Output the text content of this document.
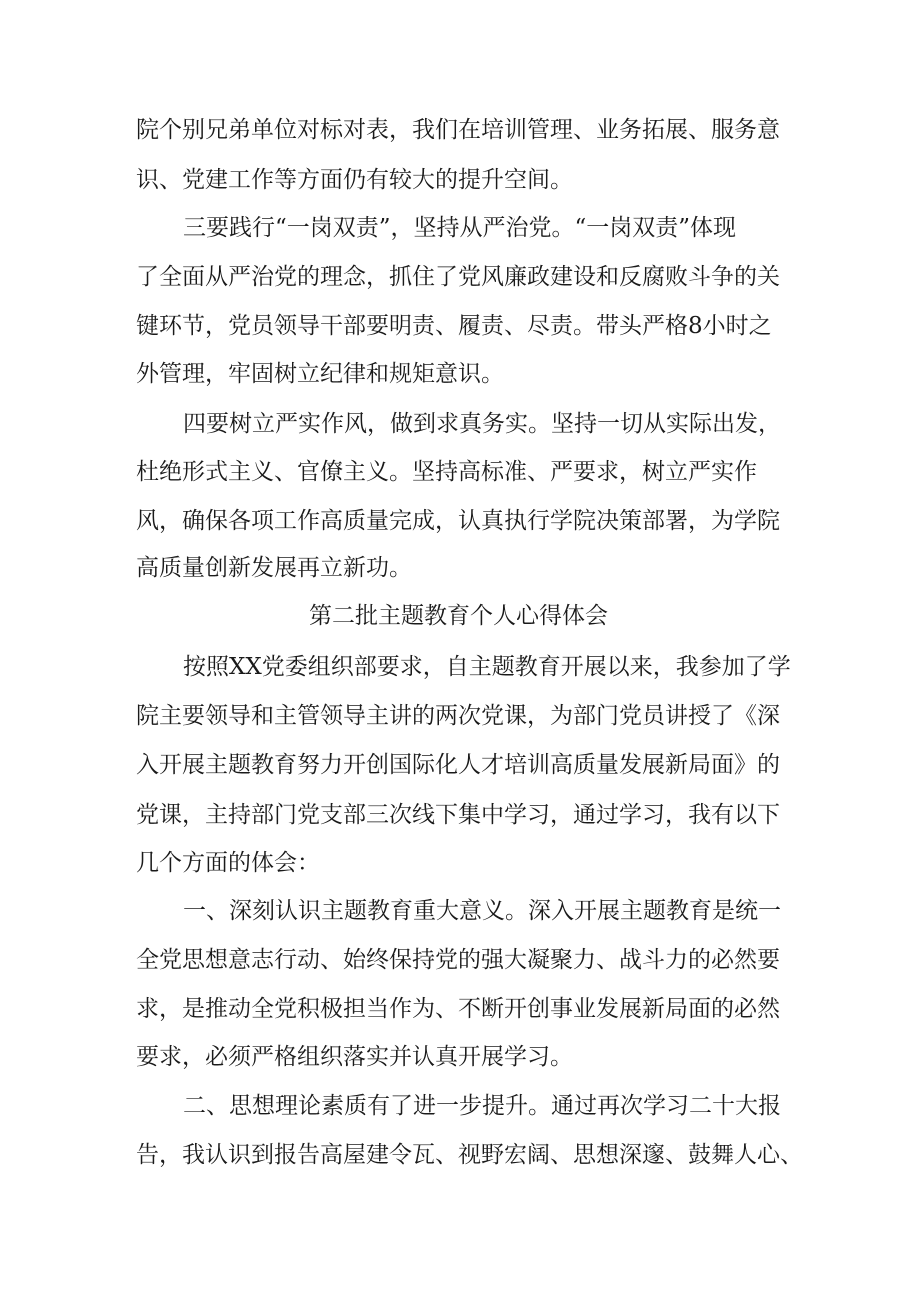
院个别兄弟单位对标对表，我们在培训管理、业务拓展、服务意

识、党建工作等方面仍有较大的提升空间。

三要践行“一岗双责”，坚持从严治党。“一岗双责”体现

了全面从严治党的理念，抓住了党风廉政建设和反腐败斗争的关

键环节，党员领导干部要明责、履责、尽责。带头严格8小时之

外管理，牢固树立纪律和规矩意识。

四要树立严实作风，做到求真务实。坚持一切从实际出发，

杜绝形式主义、官僚主义。坚持高标准、严要求，树立严实作

风，确保各项工作高质量完成，认真执行学院决策部署，为学院

高质量创新发展再立新功。

第二批主题教育个人心得体会

按照XX党委组织部要求，自主题教育开展以来，我参加了学

院主要领导和主管领导主讲的两次党课，为部门党员讲授了《深

入开展主题教育努力开创国际化人才培训高质量发展新局面》的

党课，主持部门党支部三次线下集中学习，通过学习，我有以下

几个方面的体会：

一、深刻认识主题教育重大意义。深入开展主题教育是统一

全党思想意志行动、始终保持党的强大凝聚力、战斗力的必然要

求，是推动全党积极担当作为、不断开创事业发展新局面的必然

要求，必须严格组织落实并认真开展学习。

二、思想理论素质有了进一步提升。通过再次学习二十大报

告，我认识到报告高屋建令瓦、视野宏阔、思想深邃、鼓舞人心、
